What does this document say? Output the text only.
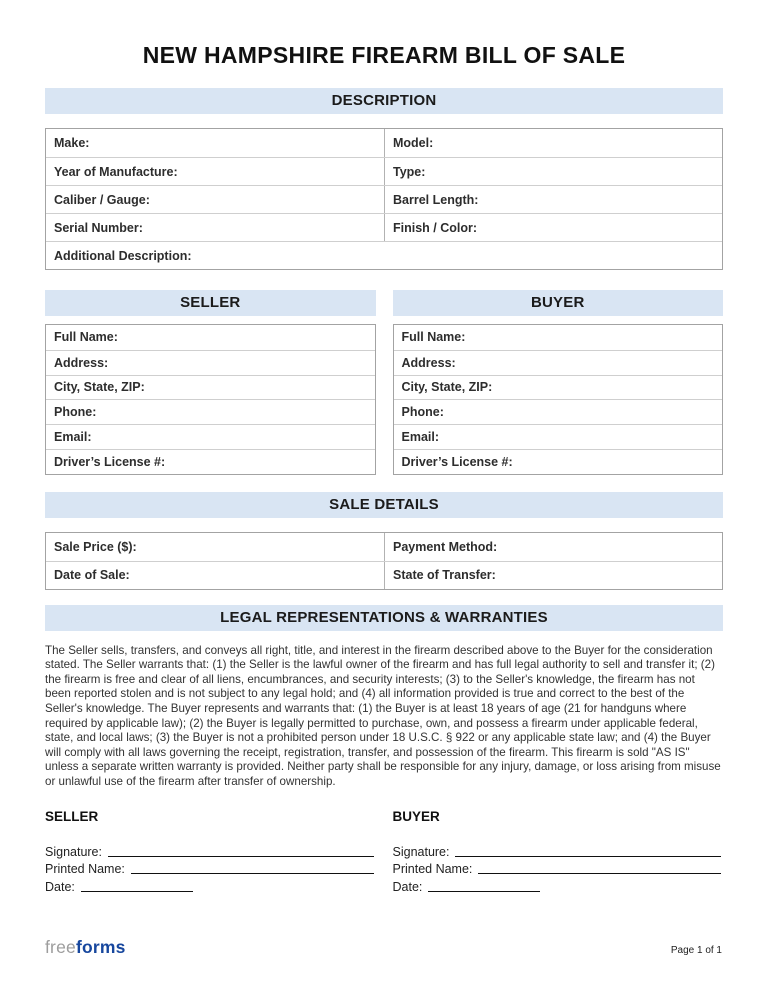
NEW HAMPSHIRE FIREARM BILL OF SALE
DESCRIPTION
Make:	Model:
Year of Manufacture:	Type:
Caliber / Gauge:	Barrel Length:
Serial Number:	Finish / Color:
Additional Description:
SELLER
Full Name:
Address:
City, State, ZIP:
Phone:
Email:
Driver’s License #:
BUYER
Full Name:
Address:
City, State, ZIP:
Phone:
Email:
Driver’s License #:
SALE DETAILS
Sale Price ($):	Payment Method:
Date of Sale:	State of Transfer:
LEGAL REPRESENTATIONS & WARRANTIES

The Seller sells, transfers, and conveys all right, title, and interest in the firearm described above to the Buyer for the consideration stated. The Seller warrants that: (1) the Seller is the lawful owner of the firearm and has full legal authority to sell and transfer it; (2) the firearm is free and clear of all liens, encumbrances, and security interests; (3) to the Seller's knowledge, the firearm has not been reported stolen and is not subject to any legal hold; and (4) all information provided is true and correct to the best of the Seller's knowledge. The Buyer represents and warrants that: (1) the Buyer is at least 18 years of age (21 for handguns where required by applicable law); (2) the Buyer is legally permitted to purchase, own, and possess a firearm under applicable federal, state, and local laws; (3) the Buyer is not a prohibited person under 18 U.S.C. § 922 or any applicable state law; and (4) the Buyer will comply with all laws governing the receipt, registration, transfer, and possession of the firearm. This firearm is sold "AS IS" unless a separate written warranty is provided. Neither party shall be responsible for any injury, damage, or loss arising from misuse or unlawful use of the firearm after transfer of ownership.

SELLER
Signature:
Printed Name:
Date:
BUYER
Signature:
Printed Name:
Date:
freeforms	Page 1 of 1
